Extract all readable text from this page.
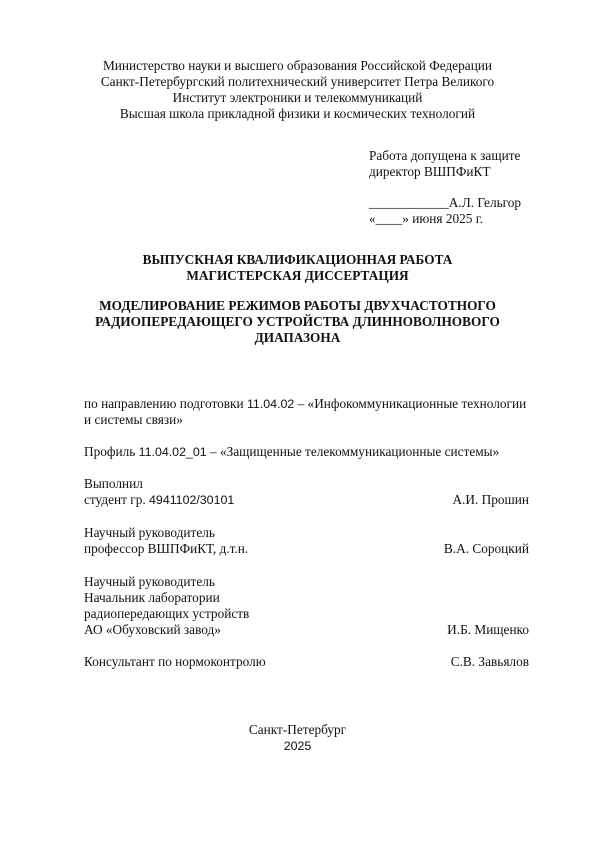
Министерство науки и высшего образования Российской Федерации
Санкт-Петербургский политехнический университет Петра Великого
Институт электроники и телекоммуникаций
Высшая школа прикладной физики и космических технологий
Работа допущена к защите
директор ВШПФиКТ
____________А.Л. Гельгор
«____» июня 2025 г.
ВЫПУСКНАЯ КВАЛИФИКАЦИОННАЯ РАБОТА
МАГИСТЕРСКАЯ ДИССЕРТАЦИЯ
МОДЕЛИРОВАНИЕ РЕЖИМОВ РАБОТЫ ДВУХЧАСТОТНОГО
РАДИОПЕРЕДАЮЩЕГО УСТРОЙСТВА ДЛИННОВОЛНОВОГО
ДИАПАЗОНА
по направлению подготовки 11.04.02 – «Инфокоммуникационные технологии
и системы связи»
Профиль 11.04.02_01 – «Защищенные телекоммуникационные системы»
Выполнил
студент гр. 4941102/30101	А.И. Прошин
Научный руководитель
профессор ВШПФиКТ, д.т.н.	В.А. Сороцкий
Научный руководитель
Начальник лаборатории
радиопередающих устройств
АО «Обуховский завод»	И.Б. Мищенко
Консультант по нормоконтролю	С.В. Завьялов
Санкт-Петербург
2025
